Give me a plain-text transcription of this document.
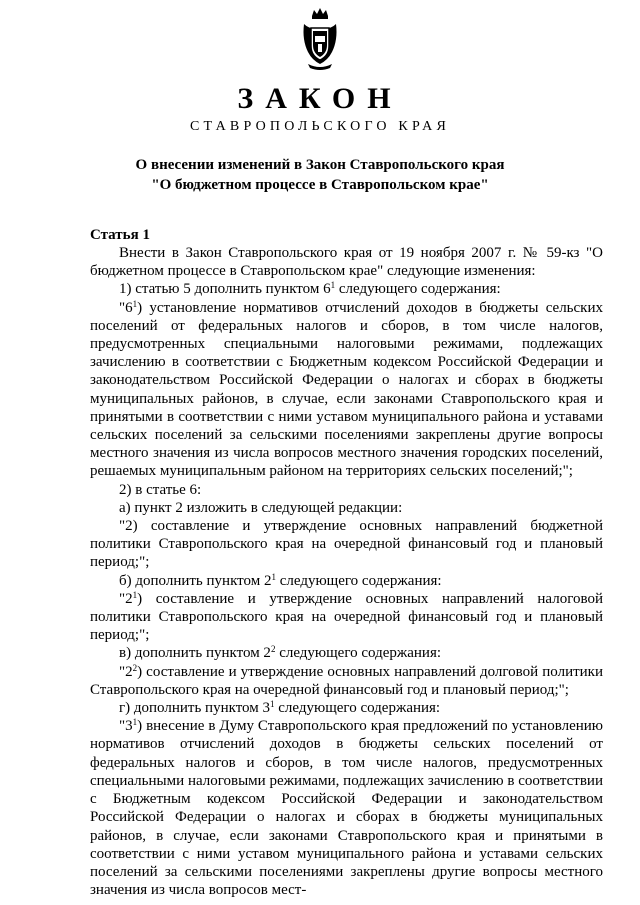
ЗАКОН
СТАВРОПОЛЬСКОГО КРАЯ
О внесении изменений в Закон Ставропольского края
"О бюджетном процессе в Ставропольском крае"
Статья 1

Внести в Закон Ставропольского края от 19 ноября 2007 г. № 59-кз "О бюджетном процессе в Ставропольском крае" следующие изменения:

1) статью 5 дополнить пунктом $6^1$ следующего содержания:

"$6^1$) установление нормативов отчислений доходов в бюджеты сельских поселений от федеральных налогов и сборов, в том числе налогов, предусмотренных специальными налоговыми режимами, подлежащих зачислению в соответствии с Бюджетным кодексом Российской Федерации и законодательством Российской Федерации о налогах и сборах в бюджеты муниципальных районов, в случае, если законами Ставропольского края и принятыми в соответствии с ними уставом муниципального района и уставами сельских поселений за сельскими поселениями закреплены другие вопросы местного значения из числа вопросов местного значения городских поселений, решаемых муниципальным районом на территориях сельских поселений;";

2) в статье 6:

а) пункт 2 изложить в следующей редакции:

"2) составление и утверждение основных направлений бюджетной политики Ставропольского края на очередной финансовый год и плановый период;";

б) дополнить пунктом $2^1$ следующего содержания:

"$2^1$) составление и утверждение основных направлений налоговой политики Ставропольского края на очередной финансовый год и плановый период;";

в) дополнить пунктом $2^2$ следующего содержания:

"$2^2$) составление и утверждение основных направлений долговой политики Ставропольского края на очередной финансовый год и плановый период;";

г) дополнить пунктом $3^1$ следующего содержания:

"$3^1$) внесение в Думу Ставропольского края предложений по установлению нормативов отчислений доходов в бюджеты сельских поселений от федеральных налогов и сборов, в том числе налогов, предусмотренных специальными налоговыми режимами, подлежащих зачислению в соответствии с Бюджетным кодексом Российской Федерации и законодательством Российской Федерации о налогах и сборах в бюджеты муниципальных районов, в случае, если законами Ставропольского края и принятыми в соответствии с ними уставом муниципального района и уставами сельских поселений за сельскими поселениями закреплены другие вопросы местного значения из числа вопросов мест-
